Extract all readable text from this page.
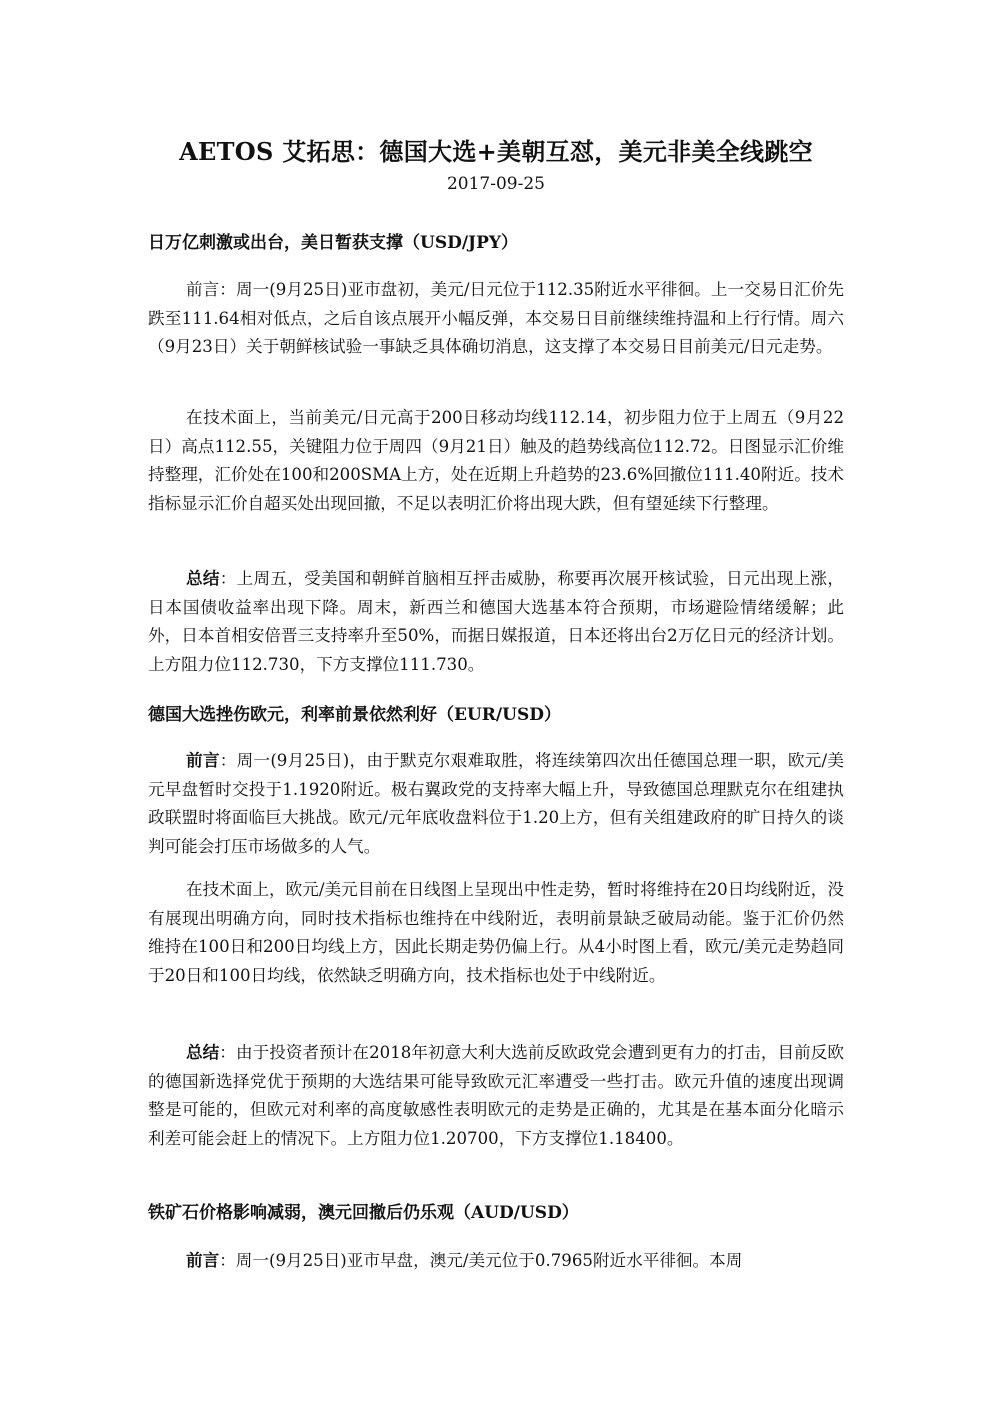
AETOS 艾拓思：德国大选+美朝互怼，美元非美全线跳空
2017-09-25
日万亿刺激或出台，美日暂获支撑（USD/JPY）
前言：周一(9月25日)亚市盘初，美元/日元位于112.35附近水平徘徊。上一交易日汇价先跌至111.64相对低点，之后自该点展开小幅反弹，本交易日目前继续维持温和上行行情。周六（9月23日）关于朝鲜核试验一事缺乏具体确切消息，这支撑了本交易日目前美元/日元走势。
在技术面上，当前美元/日元高于200日移动均线112.14，初步阻力位于上周五（9月22日）高点112.55，关键阻力位于周四（9月21日）触及的趋势线高位112.72。日图显示汇价维持整理，汇价处在100和200SMA上方，处在近期上升趋势的23.6%回撤位111.40附近。技术指标显示汇价自超买处出现回撤，不足以表明汇价将出现大跌，但有望延续下行整理。
总结：上周五，受美国和朝鲜首脑相互抨击威胁，称要再次展开核试验，日元出现上涨，日本国债收益率出现下降。周末，新西兰和德国大选基本符合预期，市场避险情绪缓解；此外，日本首相安倍晋三支持率升至50%，而据日媒报道，日本还将出台2万亿日元的经济计划。上方阻力位112.730，下方支撑位111.730。
德国大选挫伤欧元，利率前景依然利好（EUR/USD）
前言：周一(9月25日)，由于默克尔艰难取胜，将连续第四次出任德国总理一职，欧元/美元早盘暂时交投于1.1920附近。极右翼政党的支持率大幅上升，导致德国总理默克尔在组建执政联盟时将面临巨大挑战。欧元/元年底收盘料位于1.20上方，但有关组建政府的旷日持久的谈判可能会打压市场做多的人气。
在技术面上，欧元/美元目前在日线图上呈现出中性走势，暂时将维持在20日均线附近，没有展现出明确方向，同时技术指标也维持在中线附近，表明前景缺乏破局动能。鉴于汇价仍然维持在100日和200日均线上方，因此长期走势仍偏上行。从4小时图上看，欧元/美元走势趋同于20日和100日均线，依然缺乏明确方向，技术指标也处于中线附近。
总结：由于投资者预计在2018年初意大利大选前反欧政党会遭到更有力的打击，目前反欧的德国新选择党优于预期的大选结果可能导致欧元汇率遭受一些打击。欧元升值的速度出现调整是可能的，但欧元对利率的高度敏感性表明欧元的走势是正确的，尤其是在基本面分化暗示利差可能会赶上的情况下。上方阻力位1.20700，下方支撑位1.18400。
铁矿石价格影响减弱，澳元回撤后仍乐观（AUD/USD）
前言：周一(9月25日)亚市早盘，澳元/美元位于0.7965附近水平徘徊。本周
